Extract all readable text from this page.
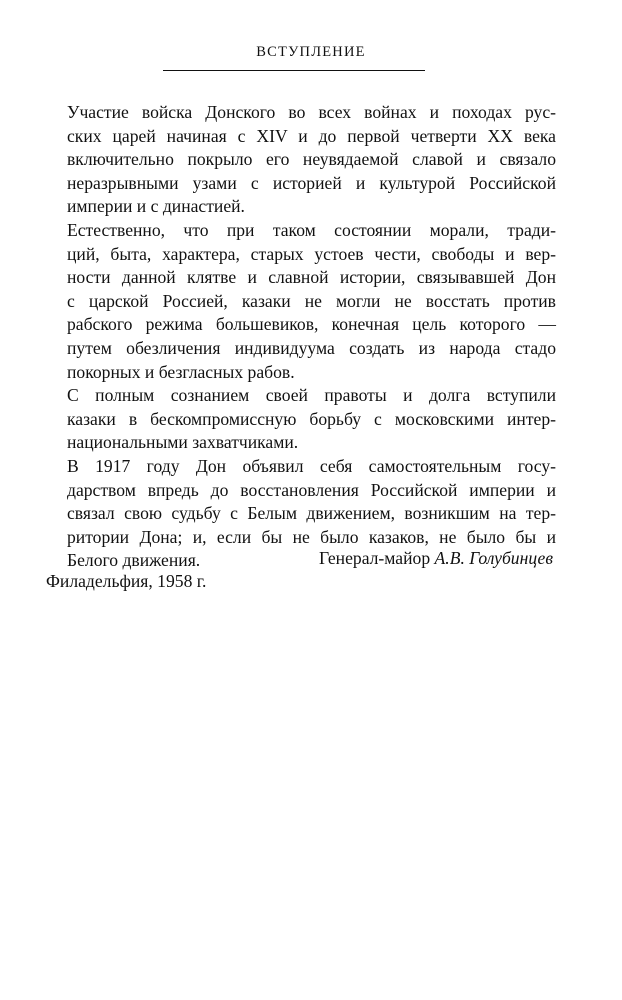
ВСТУПЛЕНИЕ

Участие войска Донского во всех войнах и походах рус-
ских царей начиная с XIV и до первой четверти XX века
включительно покрыло его неувядаемой славой и связало
неразрывными узами с историей и культурой Российской
империи и с династией.

Естественно, что при таком состоянии морали, тради-
ций, быта, характера, старых устоев чести, свободы и вер-
ности данной клятве и славной истории, связывавшей Дон
с царской Россией, казаки не могли не восстать против
рабского режима большевиков, конечная цель которого —
путем обезличения индивидуума создать из народа стадо
покорных и безгласных рабов.

С полным сознанием своей правоты и долга вступили
казаки в бескомпромиссную борьбу с московскими интер-
национальными захватчиками.

В 1917 году Дон объявил себя самостоятельным госу-
дарством впредь до восстановления Российской империи и
связал свою судьбу с Белым движением, возникшим на тер-
ритории Дона; и, если бы не было казаков, не было бы и
Белого движения.	Генерал-майор А.В. Голубинцев
Филадельфия, 1958 г.
